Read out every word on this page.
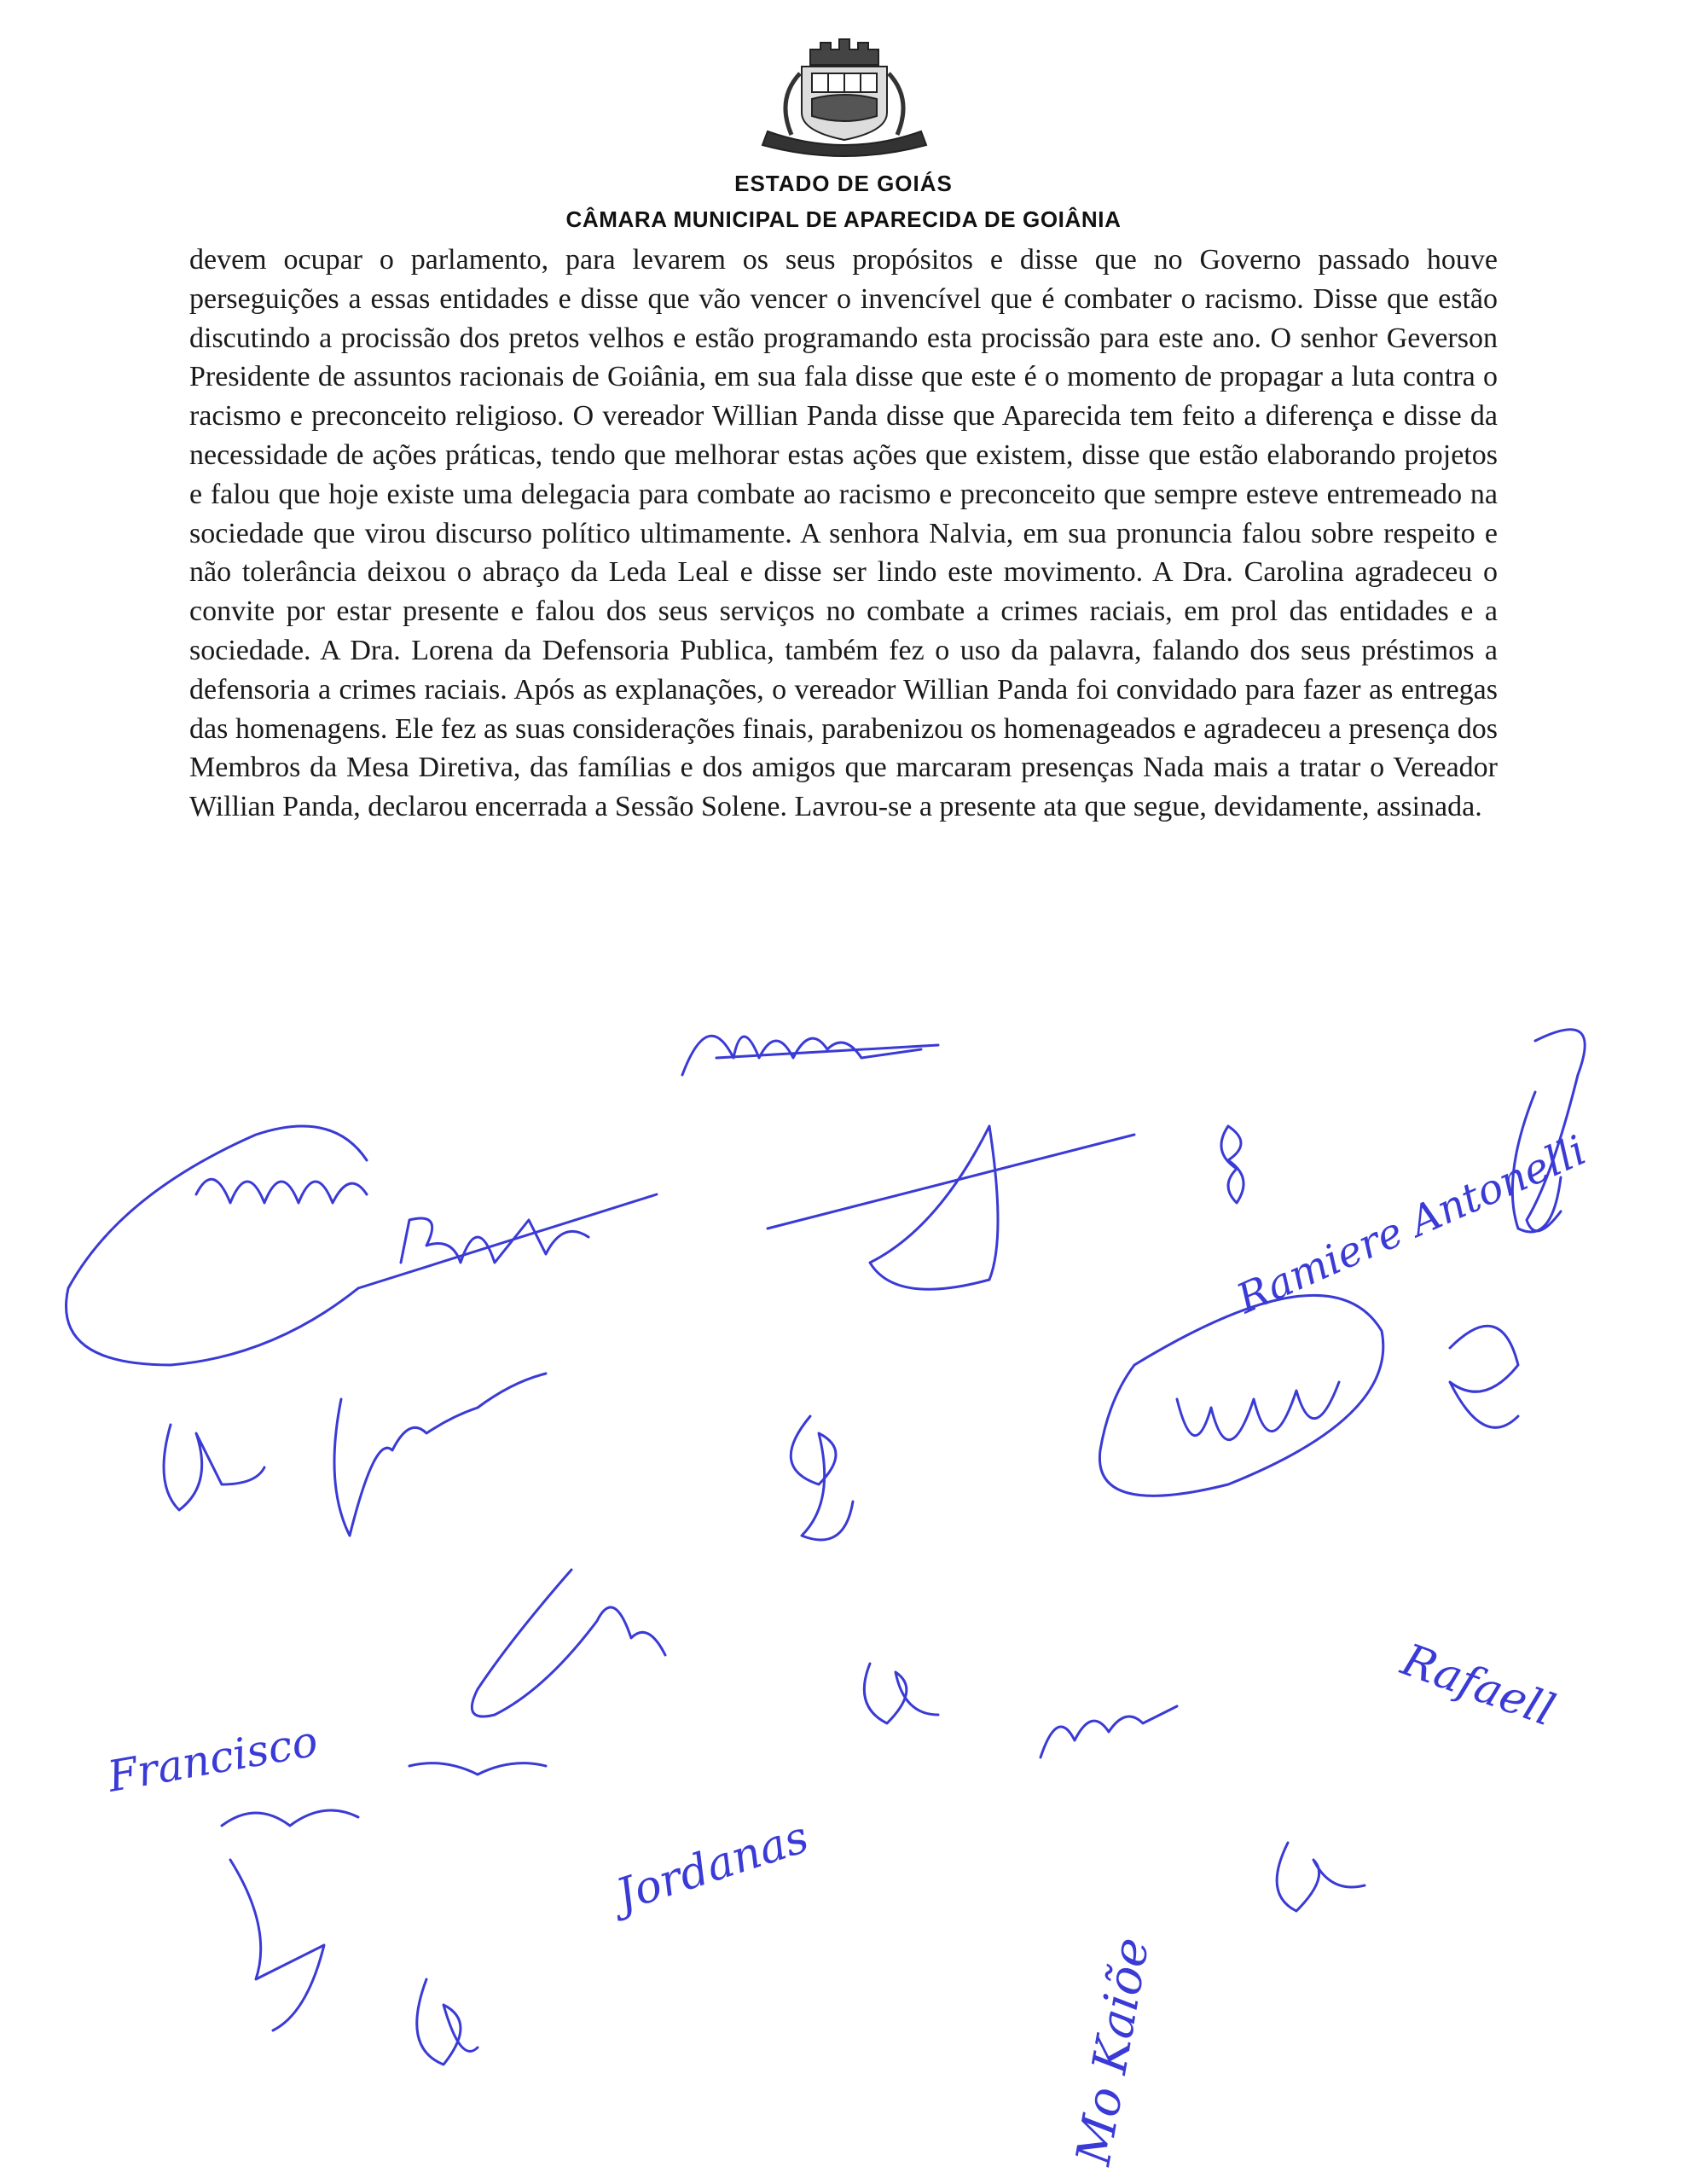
ESTADO DE GOIÁS
CÂMARA MUNICIPAL DE APARECIDA DE GOIÂNIA
devem ocupar o parlamento, para levarem os seus propósitos e disse que no Governo passado houve perseguições a essas entidades e disse que vão vencer o invencível que é combater o racismo. Disse que estão discutindo a procissão dos pretos velhos e estão programando esta procissão para este ano. O senhor Geverson Presidente de assuntos racionais de Goiânia, em sua fala disse que este é o momento de propagar a luta contra o racismo e preconceito religioso. O vereador Willian Panda disse que Aparecida tem feito a diferença e disse da necessidade de ações práticas, tendo que melhorar estas ações que existem, disse que estão elaborando projetos e falou que hoje existe uma delegacia para combate ao racismo e preconceito que sempre esteve entremeado na sociedade que virou discurso político ultimamente. A senhora Nalvia, em sua pronuncia falou sobre respeito e não tolerância deixou o abraço da Leda Leal e disse ser lindo este movimento. A Dra. Carolina agradeceu o convite por estar presente e falou dos seus serviços no combate a crimes raciais, em prol das entidades e a sociedade. A Dra. Lorena da Defensoria Publica, também fez o uso da palavra, falando dos seus préstimos a defensoria a crimes raciais. Após as explanações, o vereador Willian Panda foi convidado para fazer as entregas das homenagens. Ele fez as suas considerações finais, parabenizou os homenageados e agradeceu a presença dos Membros da Mesa Diretiva, das famílias e dos amigos que marcaram presenças Nada mais a tratar o Vereador Willian Panda, declarou encerrada a Sessão Solene. Lavrou-se a presente ata que segue, devidamente, assinada.
Ramiere Antonelli
Rafaell
Francisco
Jordanas
Mo Kaiõe
